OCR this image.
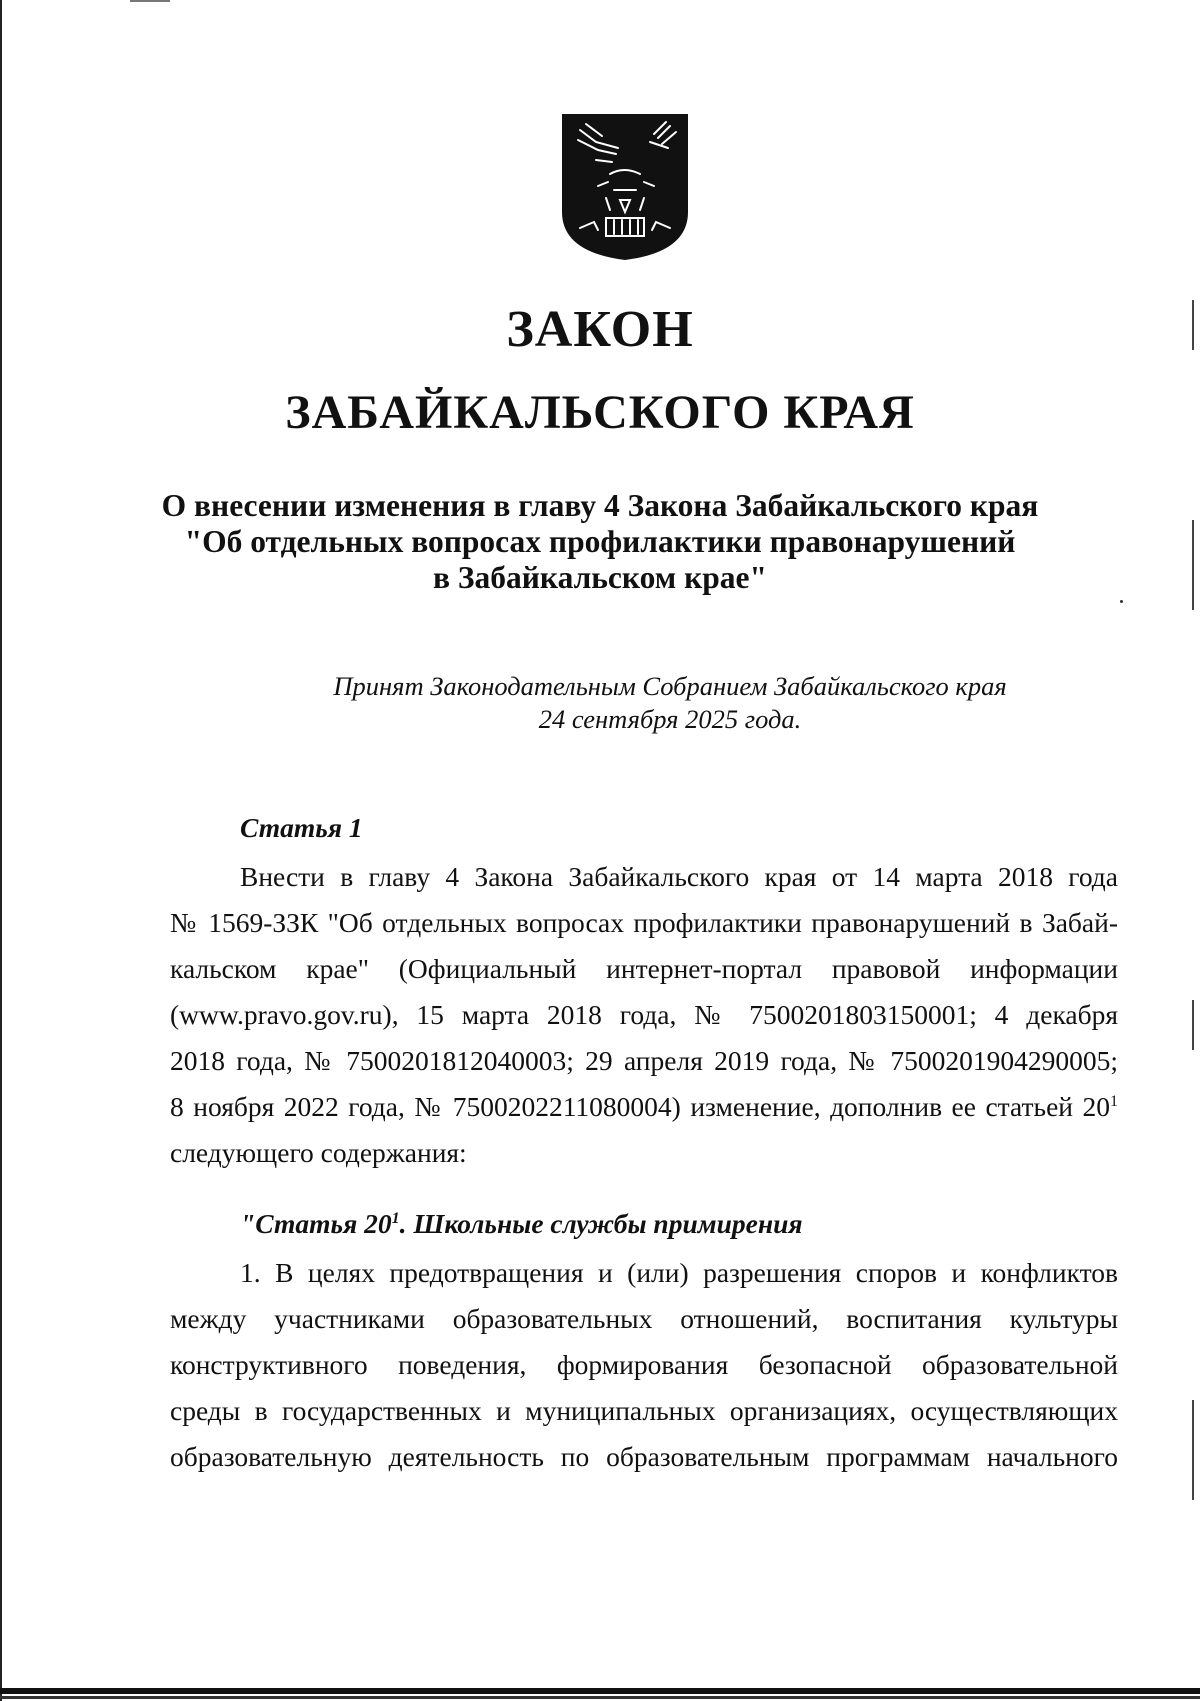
ЗАКОН
ЗАБАЙКАЛЬСКОГО КРАЯ
О внесении изменения в главу 4 Закона Забайкальского края
"Об отдельных вопросах профилактики правонарушений
в Забайкальском крае"
Принят Законодательным Собранием Забайкальского края
24 сентября 2025 года.
Статья 1
Внести в главу 4 Закона Забайкальского края от 14 марта 2018 года
№ 1569-ЗЗК "Об отдельных вопросах профилактики правонарушений в Забай-
кальском крае" (Официальный интернет-портал правовой информации
(www.pravo.gov.ru), 15 марта 2018 года, № 7500201803150001; 4 декабря
2018 года, № 7500201812040003; 29 апреля 2019 года, № 7500201904290005;
8 ноября 2022 года, № 7500202211080004) изменение, дополнив ее статьей $20^1$
следующего содержания:
"Статья $20^1$. Школьные службы примирения
1. В целях предотвращения и (или) разрешения споров и конфликтов
между участниками образовательных отношений, воспитания культуры
конструктивного поведения, формирования безопасной образовательной
среды в государственных и муниципальных организациях, осуществляющих
образовательную деятельность по образовательным программам начального
